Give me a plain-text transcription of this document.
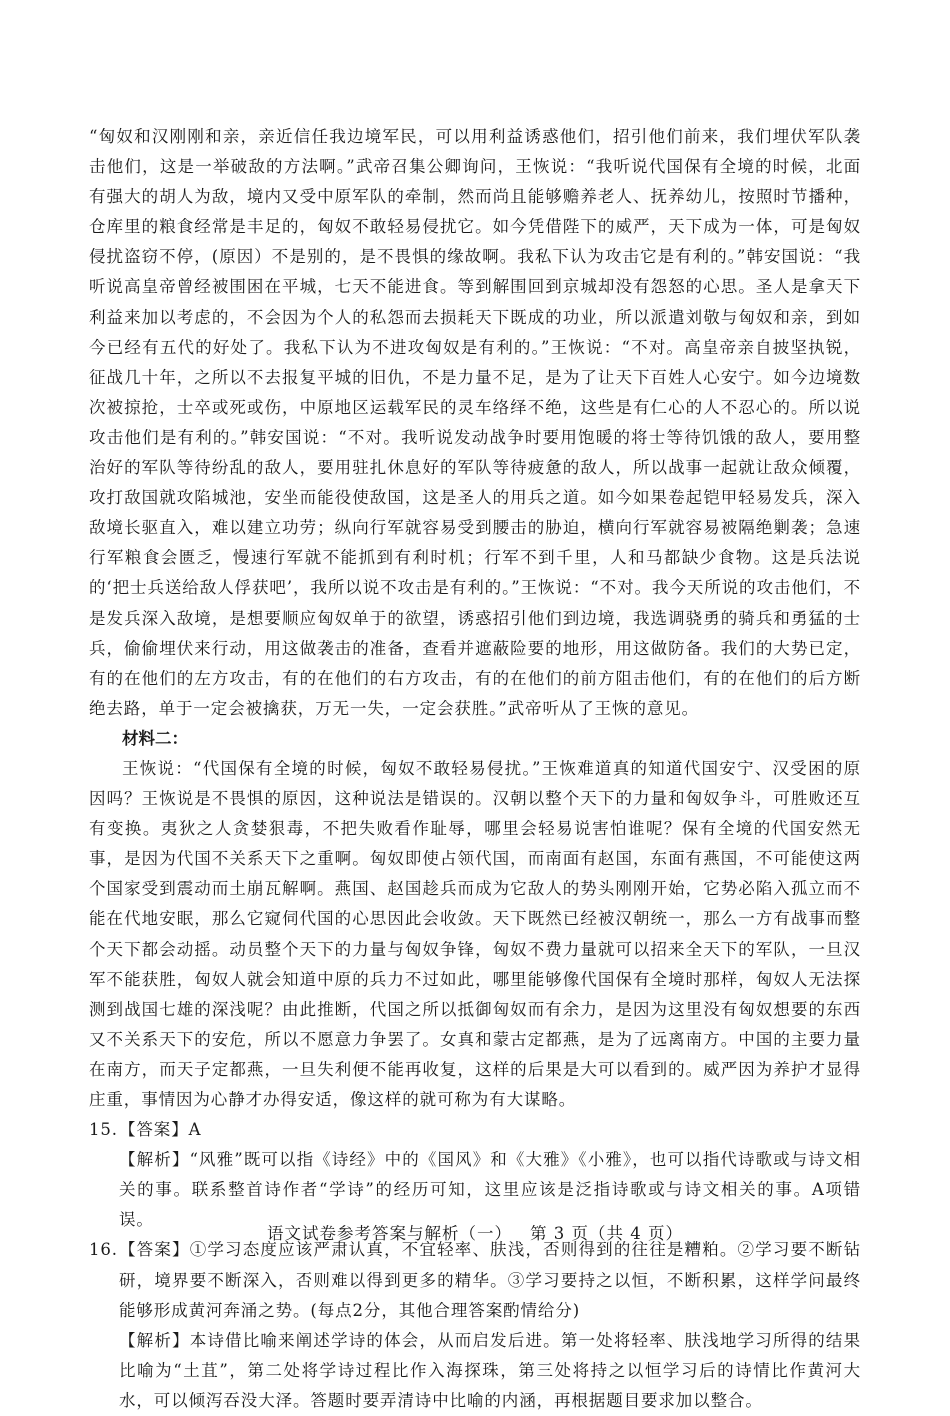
“匈奴和汉刚刚和亲，亲近信任我边境军民，可以用利益诱惑他们，招引他们前来，我们埋伏军队袭击他们，这是一举破敌的方法啊。”武帝召集公卿询问，王恢说：“我听说代国保有全境的时候，北面有强大的胡人为敌，境内又受中原军队的牵制，然而尚且能够赡养老人、抚养幼儿，按照时节播种，仓库里的粮食经常是丰足的，匈奴不敢轻易侵扰它。如今凭借陛下的威严，天下成为一体，可是匈奴侵扰盗窃不停，(原因）不是别的，是不畏惧的缘故啊。我私下认为攻击它是有利的。”韩安国说：“我听说高皇帝曾经被围困在平城，七天不能进食。等到解围回到京城却没有怨怒的心思。圣人是拿天下利益来加以考虑的，不会因为个人的私怨而去损耗天下既成的功业，所以派遣刘敬与匈奴和亲，到如今已经有五代的好处了。我私下认为不进攻匈奴是有利的。”王恢说：“不对。高皇帝亲自披坚执锐，征战几十年，之所以不去报复平城的旧仇，不是力量不足，是为了让天下百姓人心安宁。如今边境数次被掠抢，士卒或死或伤，中原地区运载军民的灵车络绎不绝，这些是有仁心的人不忍心的。所以说攻击他们是有利的。”韩安国说：“不对。我听说发动战争时要用饱暖的将士等待饥饿的敌人，要用整治好的军队等待纷乱的敌人，要用驻扎休息好的军队等待疲惫的敌人，所以战事一起就让敌众倾覆，攻打敌国就攻陷城池，安坐而能役使敌国，这是圣人的用兵之道。如今如果卷起铠甲轻易发兵，深入敌境长驱直入，难以建立功劳；纵向行军就容易受到腰击的胁迫，横向行军就容易被隔绝剿袭；急速行军粮食会匮乏，慢速行军就不能抓到有利时机；行军不到千里，人和马都缺少食物。这是兵法说的‘把士兵送给敌人俘获吧’，我所以说不攻击是有利的。”王恢说：“不对。我今天所说的攻击他们，不是发兵深入敌境，是想要顺应匈奴单于的欲望，诱惑招引他们到边境，我选调骁勇的骑兵和勇猛的士兵，偷偷埋伏来行动，用这做袭击的准备，查看并遮蔽险要的地形，用这做防备。我们的大势已定，有的在他们的左方攻击，有的在他们的右方攻击，有的在他们的前方阻击他们，有的在他们的后方断绝去路，单于一定会被擒获，万无一失，一定会获胜。”武帝听从了王恢的意见。

材料二：

王恢说：“代国保有全境的时候，匈奴不敢轻易侵扰。”王恢难道真的知道代国安宁、汉受困的原因吗？王恢说是不畏惧的原因，这种说法是错误的。汉朝以整个天下的力量和匈奴争斗，可胜败还互有变换。夷狄之人贪婪狠毒，不把失败看作耻辱，哪里会轻易说害怕谁呢？保有全境的代国安然无事，是因为代国不关系天下之重啊。匈奴即使占领代国，而南面有赵国，东面有燕国，不可能使这两个国家受到震动而土崩瓦解啊。燕国、赵国趁兵而成为它敌人的势头刚刚开始，它势必陷入孤立而不能在代地安眠，那么它窥伺代国的心思因此会收敛。天下既然已经被汉朝统一，那么一方有战事而整个天下都会动摇。动员整个天下的力量与匈奴争锋，匈奴不费力量就可以招来全天下的军队，一旦汉军不能获胜，匈奴人就会知道中原的兵力不过如此，哪里能够像代国保有全境时那样，匈奴人无法探测到战国七雄的深浅呢？由此推断，代国之所以抵御匈奴而有余力，是因为这里没有匈奴想要的东西又不关系天下的安危，所以不愿意力争罢了。女真和蒙古定都燕，是为了远离南方。中国的主要力量在南方，而天子定都燕，一旦失利便不能再收复，这样的后果是大可以看到的。威严因为养护才显得庄重，事情因为心静才办得安适，像这样的就可称为有大谋略。

15. 【答案】A
【解析】“风雅”既可以指《诗经》中的《国风》和《大雅》《小雅》，也可以指代诗歌或与诗文相关的事。联系整首诗作者“学诗”的经历可知，这里应该是泛指诗歌或与诗文相关的事。A项错误。
16. 【答案】①学习态度应该严肃认真，不宜轻率、肤浅，否则得到的往往是糟粕。②学习要不断钻研，境界要不断深入，否则难以得到更多的精华。③学习要持之以恒，不断积累，这样学问最终能够形成黄河奔涌之势。(每点2分，其他合理答案酌情给分)
【解析】本诗借比喻来阐述学诗的体会，从而启发后进。第一处将轻率、肤浅地学习所得的结果比喻为“土苴”，第二处将学诗过程比作入海探珠，第三处将持之以恒学习后的诗情比作黄河大水，可以倾泻吞没大泽。答题时要弄清诗中比喻的内涵，再根据题目要求加以整合。
语文试卷参考答案与解析（一） 第 3 页（共 4 页）
